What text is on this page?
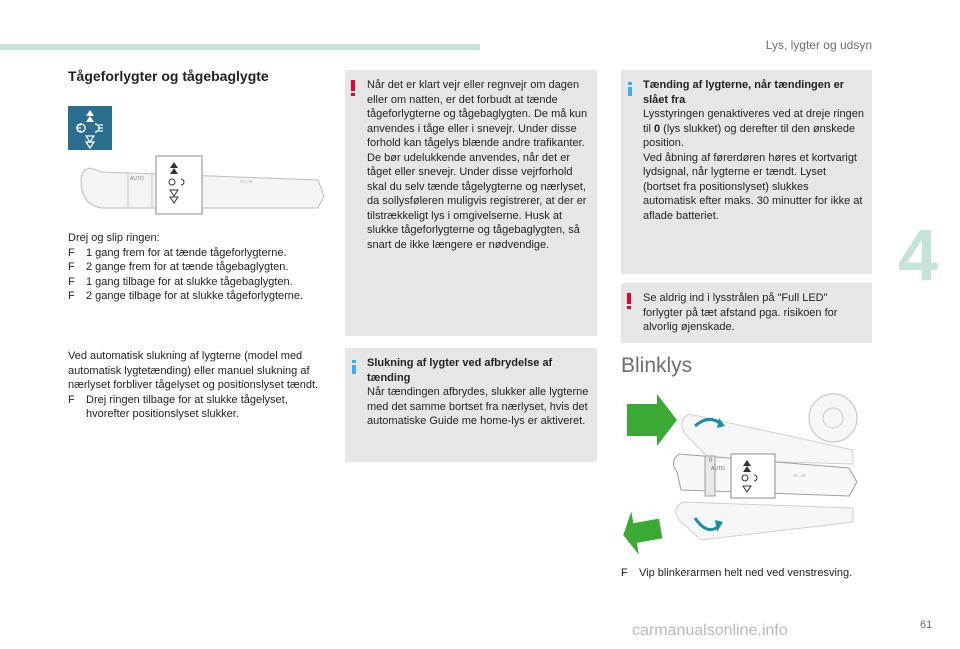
Lys, lygter og udsyn
4
61
carmanualsonline.info
Tågeforlygter og tågebaglygte
AUTO	≡○≡
Drej og slip ringen:
F 1 gang frem for at tænde tågeforlygterne.
F 2 gange frem for at tænde tågebaglygten.
F 1 gang tilbage for at slukke tågebaglygten.
F 2 gange tilbage for at slukke tågeforlygterne.
Ved automatisk slukning af lygterne (model med automatisk lygtetænding) eller manuel slukning af nærlyset forbliver tågelyset og positionslyset tændt.
F Drej ringen tilbage for at slukke tågelyset, hvorefter positionslyset slukker.
Når det er klart vejr eller regnvejr om dagen eller om natten, er det forbudt at tænde tågeforlygterne og tågebaglygten. De må kun anvendes i tåge eller i snevejr. Under disse forhold kan tågelys blænde andre trafikanter. De bør udelukkende anvendes, når det er tåget eller snevejr. Under disse vejrforhold skal du selv tænde tågelygterne og nærlyset, da sollysføleren muligvis registrerer, at der er tilstrækkeligt lys i omgivelserne. Husk at slukke tågeforlygterne og tågebaglygten, så snart de ikke længere er nødvendige.
Slukning af lygter ved afbrydelse af tænding
Når tændingen afbrydes, slukker alle lygterne med det samme bortset fra nærlyset, hvis det automatiske Guide me home-lys er aktiveret.
Tænding af lygterne, når tændingen er slået fra
Lysstyringen genaktiveres ved at dreje ringen til 0 (lys slukket) og derefter til den ønskede position.
Ved åbning af førerdøren høres et kortvarigt lydsignal, når lygterne er tændt. Lyset (bortset fra positionslyset) slukkes automatisk efter maks. 30 minutter for ikke at aflade batteriet.
Se aldrig ind i lysstrålen på "Full LED" forlygter på tæt afstand pga. risikoen for alvorlig øjenskade.
Blinklys
AUTO
0
≡○≡
F Vip blinkerarmen helt ned ved venstresving.
